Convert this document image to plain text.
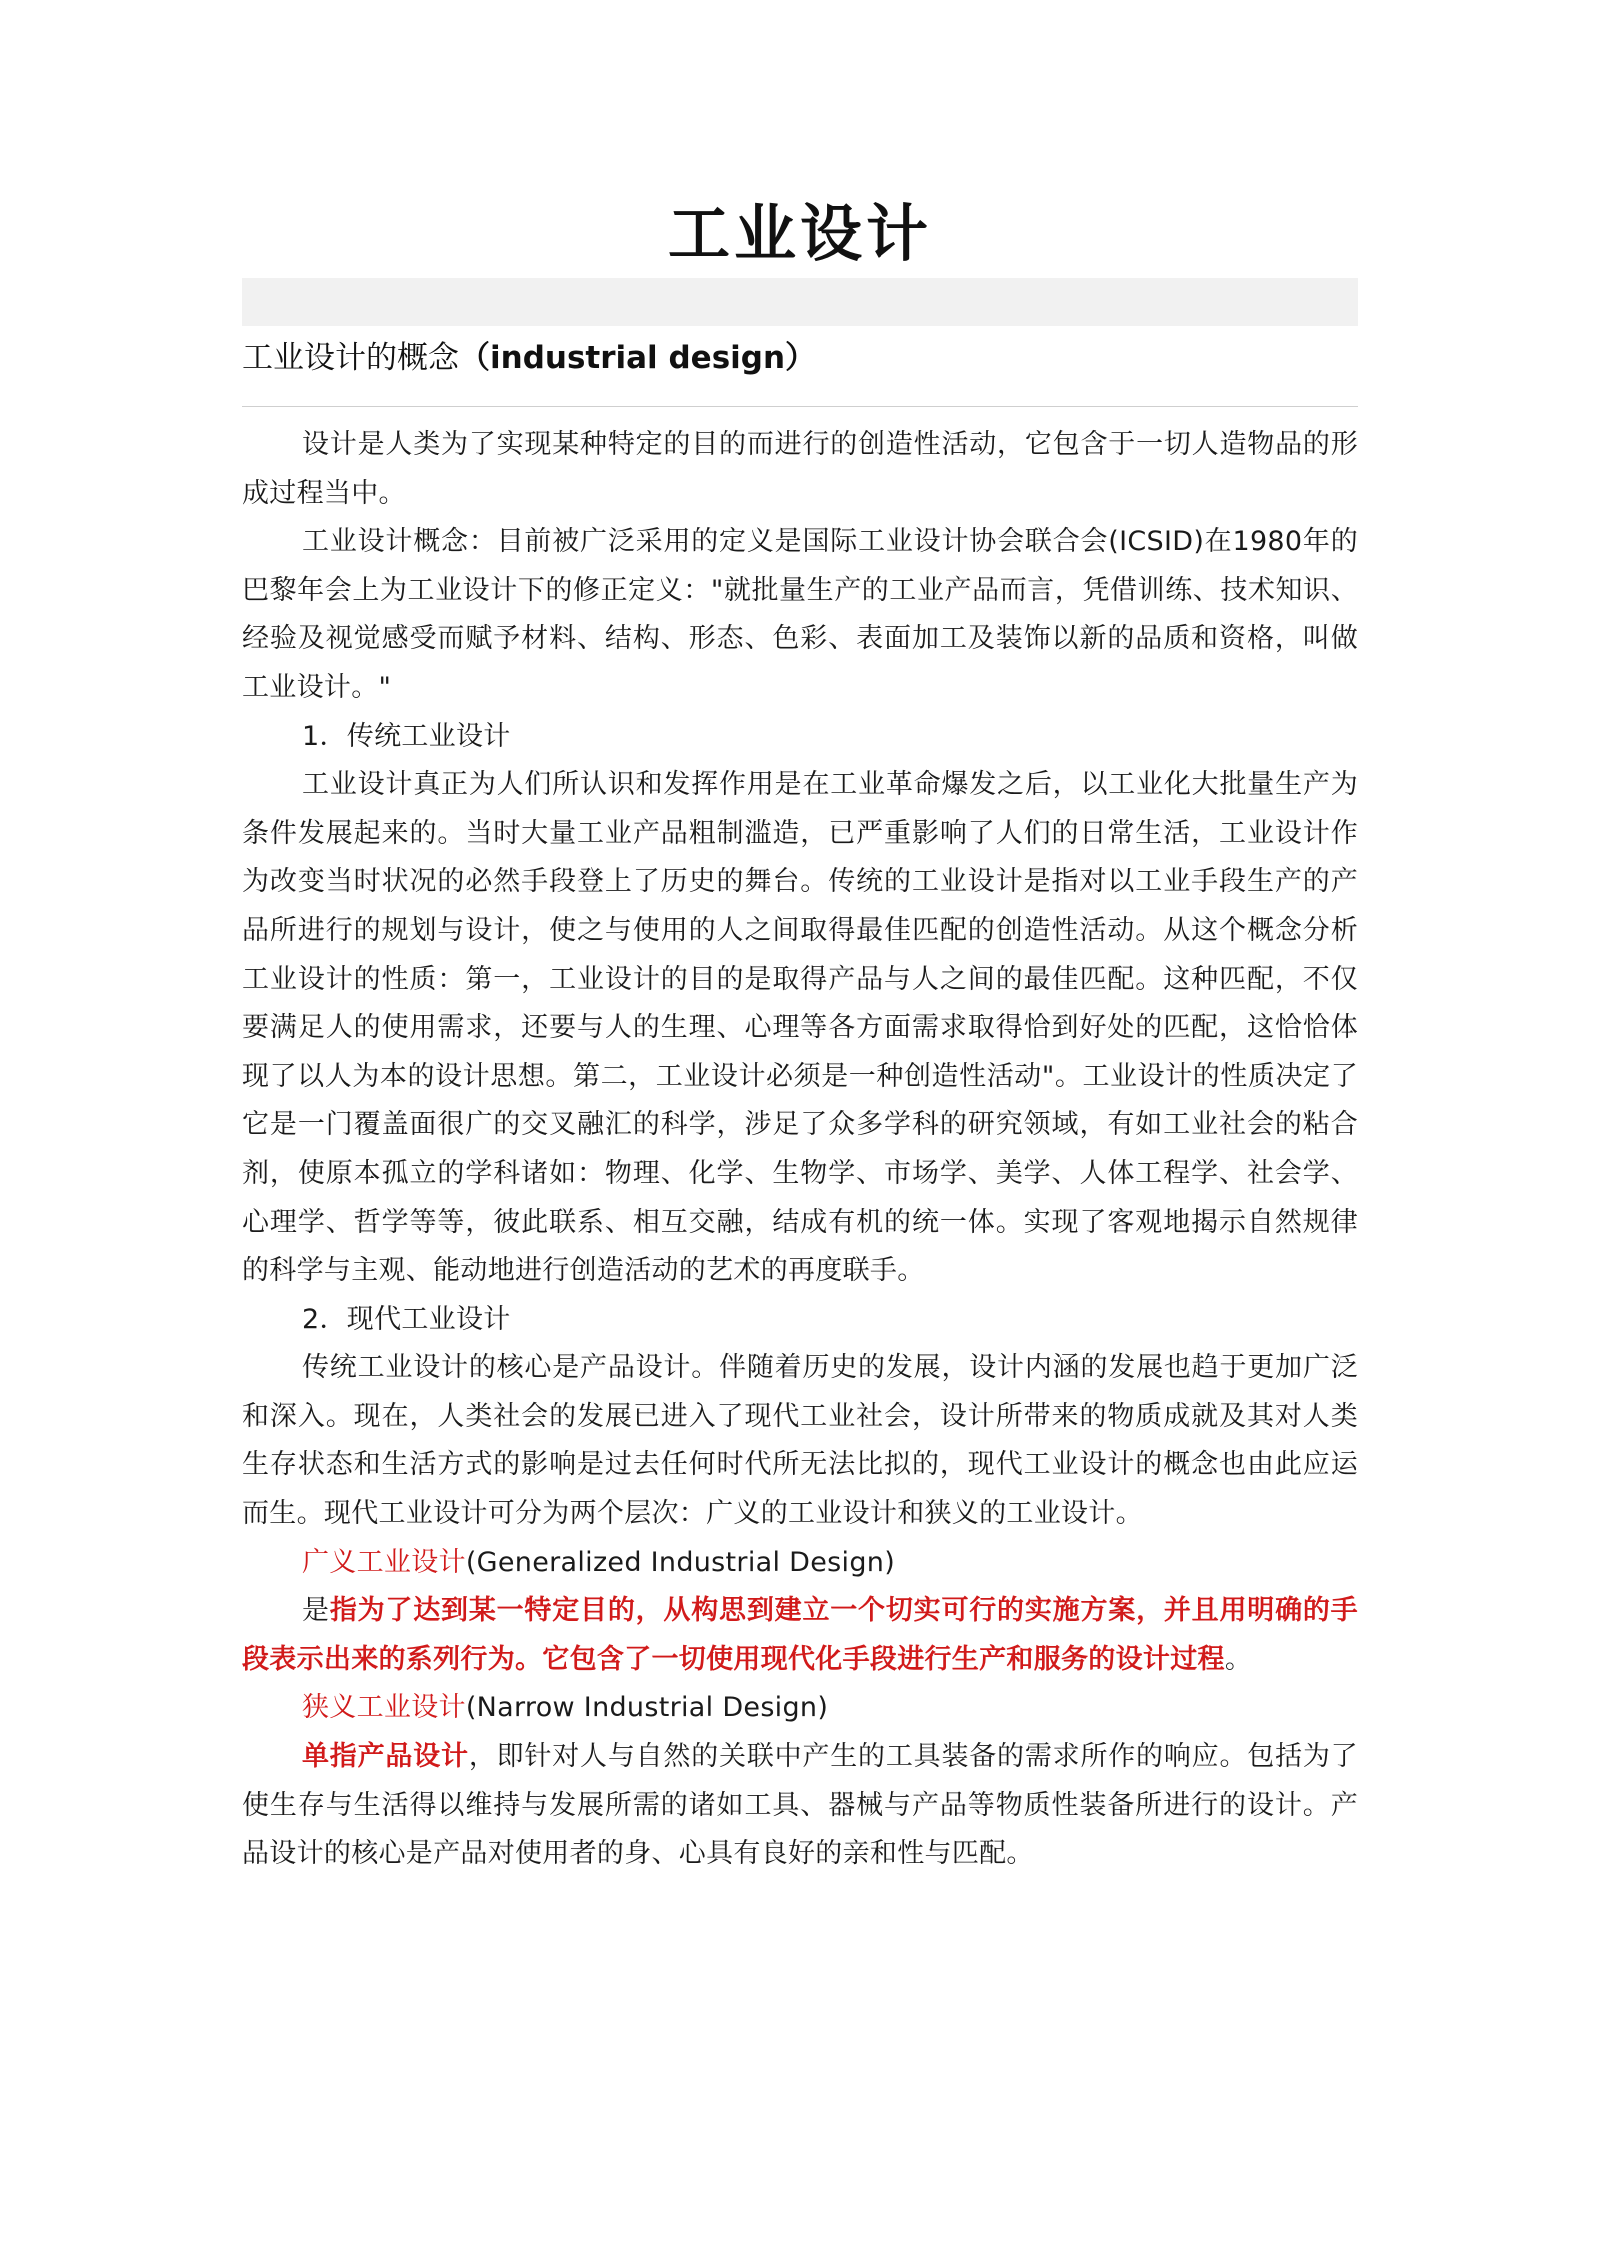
工业设计
工业设计的概念（industrial design）

设计是人类为了实现某种特定的目的而进行的创造性活动，它包含于一切人造物品的形成过程当中。

工业设计概念：目前被广泛采用的定义是国际工业设计协会联合会(ICSID)在1980年的巴黎年会上为工业设计下的修正定义："就批量生产的工业产品而言，凭借训练、技术知识、经验及视觉感受而赋予材料、结构、形态、色彩、表面加工及装饰以新的品质和资格，叫做工业设计。"

1．传统工业设计

工业设计真正为人们所认识和发挥作用是在工业革命爆发之后，以工业化大批量生产为条件发展起来的。当时大量工业产品粗制滥造，已严重影响了人们的日常生活，工业设计作为改变当时状况的必然手段登上了历史的舞台。传统的工业设计是指对以工业手段生产的产品所进行的规划与设计，使之与使用的人之间取得最佳匹配的创造性活动。从这个概念分析工业设计的性质：第一，工业设计的目的是取得产品与人之间的最佳匹配。这种匹配，不仅要满足人的使用需求，还要与人的生理、心理等各方面需求取得恰到好处的匹配，这恰恰体现了以人为本的设计思想。第二，工业设计必须是一种创造性活动"。工业设计的性质决定了它是一门覆盖面很广的交叉融汇的科学，涉足了众多学科的研究领域，有如工业社会的粘合剂，使原本孤立的学科诸如：物理、化学、生物学、市场学、美学、人体工程学、社会学、心理学、哲学等等，彼此联系、相互交融，结成有机的统一体。实现了客观地揭示自然规律的科学与主观、能动地进行创造活动的艺术的再度联手。

2．现代工业设计

传统工业设计的核心是产品设计。伴随着历史的发展，设计内涵的发展也趋于更加广泛和深入。现在，人类社会的发展已进入了现代工业社会，设计所带来的物质成就及其对人类生存状态和生活方式的影响是过去任何时代所无法比拟的，现代工业设计的概念也由此应运而生。现代工业设计可分为两个层次：广义的工业设计和狭义的工业设计。

广义工业设计(Generalized Industrial Design)

是指为了达到某一特定目的，从构思到建立一个切实可行的实施方案，并且用明确的手段表示出来的系列行为。它包含了一切使用现代化手段进行生产和服务的设计过程。

狭义工业设计(Narrow Industrial Design)

单指产品设计，即针对人与自然的关联中产生的工具装备的需求所作的响应。包括为了使生存与生活得以维持与发展所需的诸如工具、器械与产品等物质性装备所进行的设计。产品设计的核心是产品对使用者的身、心具有良好的亲和性与匹配。
